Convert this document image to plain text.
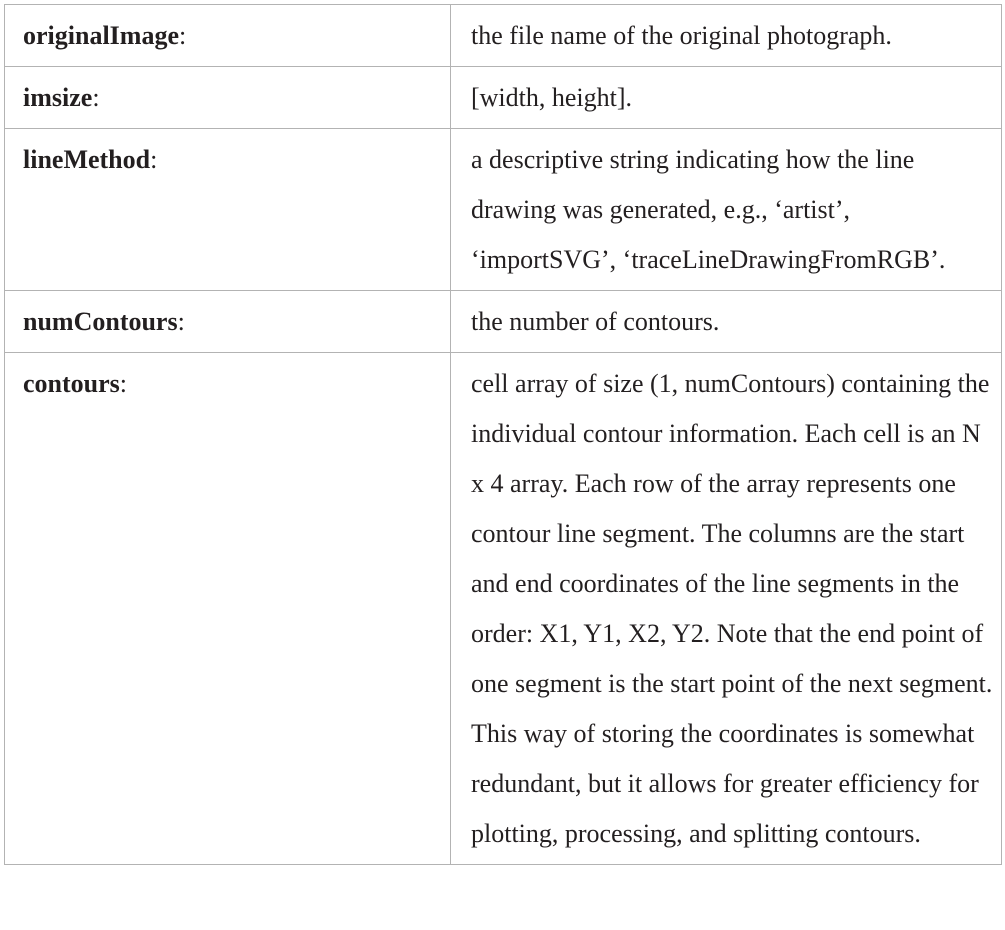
originalImage:	the file name of the original photograph.
imsize:	[width, height].
lineMethod:	a descriptive string indicating how the line drawing was generated, e.g., ‘artist’, ‘importSVG’, ‘traceLineDrawingFromRGB’.
numContours:	the number of contours.
contours:	cell array of size (1, numContours) containing the individual contour information. Each cell is an N x 4 array. Each row of the array represents one contour line segment. The columns are the start and end coordinates of the line segments in the order: X1, Y1, X2, Y2. Note that the end point of one segment is the start point of the next segment. This way of storing the coordinates is somewhat redundant, but it allows for greater efficiency for plotting, processing, and splitting contours.
